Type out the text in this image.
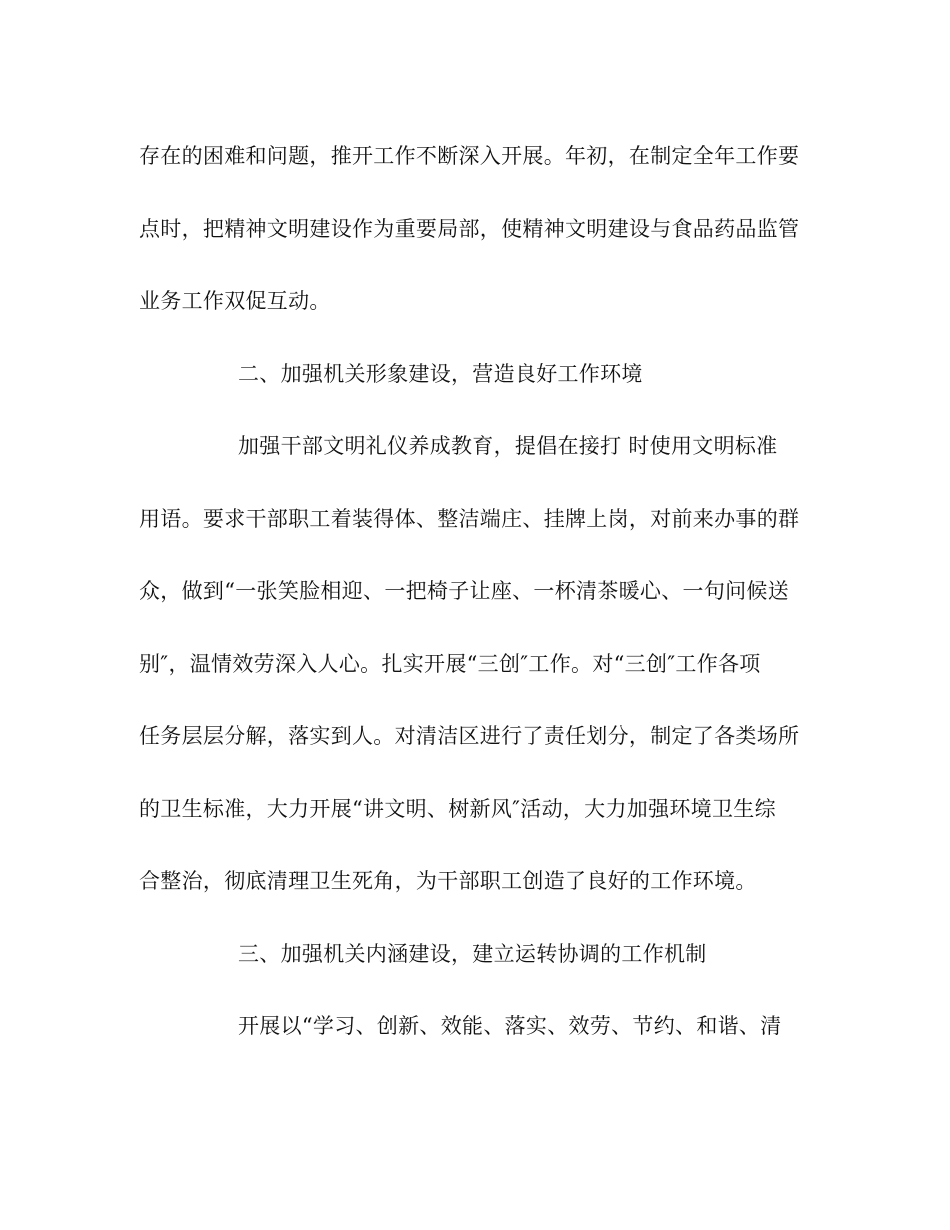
存在的困难和问题，推开工作不断深入开展。年初，在制定全年工作要
点时，把精神文明建设作为重要局部，使精神文明建设与食品药品监管
业务工作双促互动。
二、加强机关形象建设，营造良好工作环境
加强干部文明礼仪养成教育，提倡在接打 时使用文明标准
用语。要求干部职工着装得体、整洁端庄、挂牌上岗，对前来办事的群
众，做到“一张笑脸相迎、一把椅子让座、一杯清茶暖心、一句问候送
别″，温情效劳深入人心。扎实开展“三创″工作。对“三创″工作各项
任务层层分解，落实到人。对清洁区进行了责任划分，制定了各类场所
的卫生标准，大力开展“讲文明、树新风″活动，大力加强环境卫生综
合整治，彻底清理卫生死角，为干部职工创造了良好的工作环境。
三、加强机关内涵建设，建立运转协调的工作机制
开展以“学习、创新、效能、落实、效劳、节约、和谐、清
